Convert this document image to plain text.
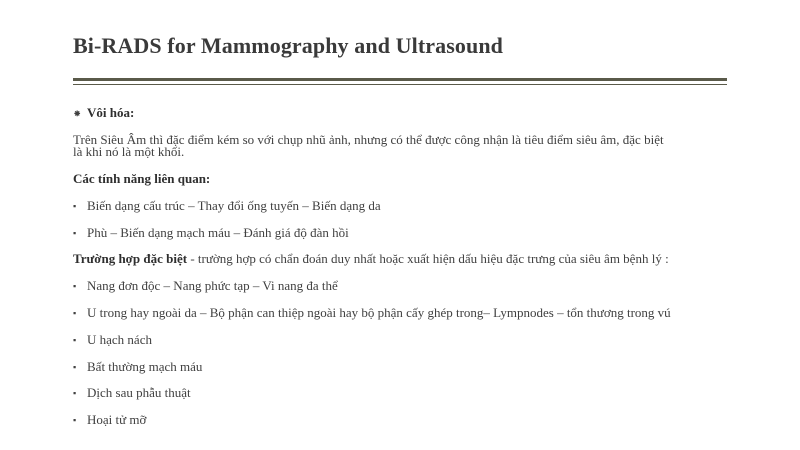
Bi-RADS for Mammography and Ultrasound
⁕ Vôi hóa:
Trên Siêu Âm thì đặc điểm kém so với chụp nhũ ảnh, nhưng có thể được công nhận là tiêu điểm siêu âm, đặc biệt
là khi nó là một khối.
Các tính năng liên quan:
▪ Biến dạng cấu trúc – Thay đổi ống tuyến – Biến dạng da
▪ Phù – Biến dạng mạch máu – Đánh giá độ đàn hồi
Trường hợp đặc biệt - trường hợp có chẩn đoán duy nhất hoặc xuất hiện dấu hiệu đặc trưng của siêu âm bệnh lý :
▪ Nang đơn độc – Nang phức tạp – Vi nang đa thể
▪ U trong hay ngoài da – Bộ phận can thiệp ngoài hay bộ phận cấy ghép trong– Lympnodes – tổn thương trong vú
▪ U hạch nách
▪ Bất thường mạch máu
▪ Dịch sau phẫu thuật
▪ Hoại tử mỡ
